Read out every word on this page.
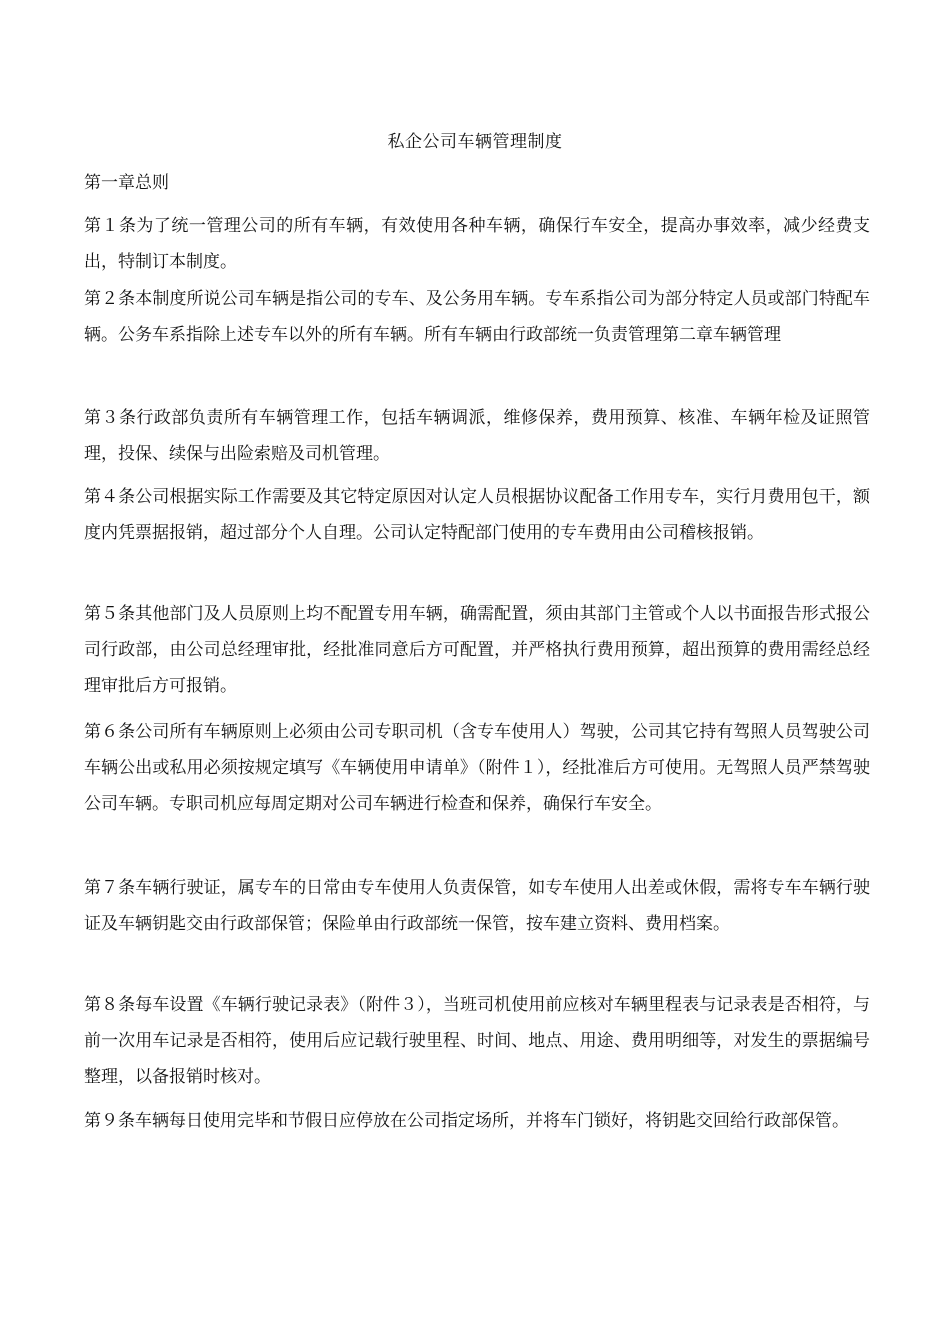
私企公司车辆管理制度
第一章总则

第１条为了统一管理公司的所有车辆，有效使用各种车辆，确保行车安全，提高办事效率，减少经费支出，特制订本制度。

第２条本制度所说公司车辆是指公司的专车、及公务用车辆。专车系指公司为部分特定人员或部门特配车辆。公务车系指除上述专车以外的所有车辆。所有车辆由行政部统一负责管理第二章车辆管理

第３条行政部负责所有车辆管理工作，包括车辆调派，维修保养，费用预算、核准、车辆年检及证照管理，投保、续保与出险索赔及司机管理。

第４条公司根据实际工作需要及其它特定原因对认定人员根据协议配备工作用专车，实行月费用包干，额度内凭票据报销，超过部分个人自理。公司认定特配部门使用的专车费用由公司稽核报销。

第５条其他部门及人员原则上均不配置专用车辆，确需配置，须由其部门主管或个人以书面报告形式报公司行政部，由公司总经理审批，经批准同意后方可配置，并严格执行费用预算，超出预算的费用需经总经理审批后方可报销。

第６条公司所有车辆原则上必须由公司专职司机（含专车使用人）驾驶，公司其它持有驾照人员驾驶公司车辆公出或私用必须按规定填写《车辆使用申请单》（附件１），经批准后方可使用。无驾照人员严禁驾驶公司车辆。专职司机应每周定期对公司车辆进行检查和保养，确保行车安全。

第７条车辆行驶证，属专车的日常由专车使用人负责保管，如专车使用人出差或休假，需将专车车辆行驶证及车辆钥匙交由行政部保管；保险单由行政部统一保管，按车建立资料、费用档案。

第８条每车设置《车辆行驶记录表》（附件３），当班司机使用前应核对车辆里程表与记录表是否相符，与前一次用车记录是否相符，使用后应记载行驶里程、时间、地点、用途、费用明细等，对发生的票据编号整理，以备报销时核对。

第９条车辆每日使用完毕和节假日应停放在公司指定场所，并将车门锁好，将钥匙交回给行政部保管。
